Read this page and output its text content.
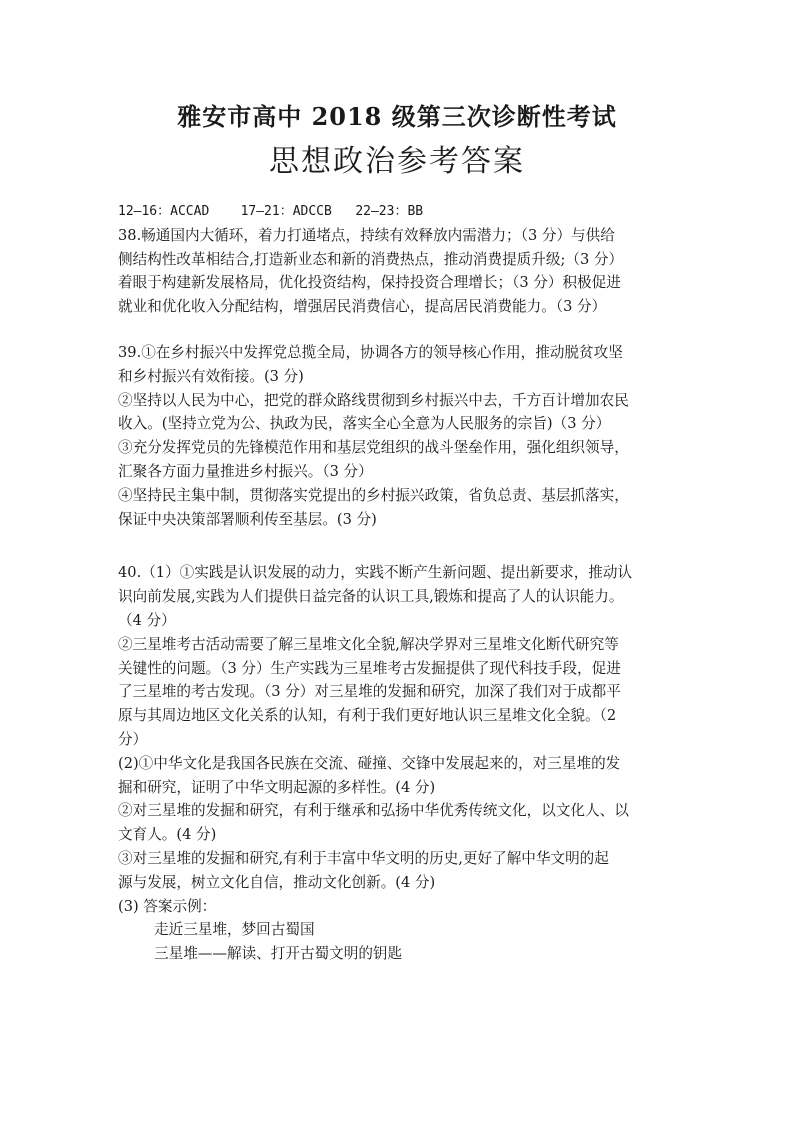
雅安市高中 2018 级第三次诊断性考试
思想政治参考答案
12—16：ACCAD    17—21：ADCCB   22—23：BB
38.畅通国内大循环，着力打通堵点，持续有效释放内需潜力；（3 分）与供给
侧结构性改革相结合,打造新业态和新的消费热点，推动消费提质升级;（3 分）
着眼于构建新发展格局，优化投资结构，保持投资合理增长；（3 分）积极促进
就业和优化收入分配结构，增强居民消费信心，提高居民消费能力。（3 分）
39.①在乡村振兴中发挥党总揽全局，协调各方的领导核心作用，推动脱贫攻坚
和乡村振兴有效衔接。(3 分)
②坚持以人民为中心，把党的群众路线贯彻到乡村振兴中去，千方百计增加农民
收入。(坚持立党为公、执政为民，落实全心全意为人民服务的宗旨)（3 分）
③充分发挥党员的先锋模范作用和基层党组织的战斗堡垒作用，强化组织领导，
汇聚各方面力量推进乡村振兴。（3 分）
④坚持民主集中制，贯彻落实党提出的乡村振兴政策，省负总责、基层抓落实，
保证中央决策部署顺利传至基层。(3 分)
40.（1）①实践是认识发展的动力，实践不断产生新问题、提出新要求，推动认
识向前发展,实践为人们提供日益完备的认识工具,锻炼和提高了人的认识能力。
（4 分）
②三星堆考古活动需要了解三星堆文化全貌,解决学界对三星堆文化断代研究等
关键性的问题。（3 分）生产实践为三星堆考古发掘提供了现代科技手段，促进
了三星堆的考古发现。（3 分）对三星堆的发掘和研究，加深了我们对于成都平
原与其周边地区文化关系的认知，有利于我们更好地认识三星堆文化全貌。（2
分）
(2)①中华文化是我国各民族在交流、碰撞、交锋中发展起来的，对三星堆的发
掘和研究，证明了中华文明起源的多样性。(4 分)
②对三星堆的发掘和研究，有利于继承和弘扬中华优秀传统文化，以文化人、以
文育人。(4 分)
③对三星堆的发掘和研究,有利于丰富中华文明的历史,更好了解中华文明的起
源与发展，树立文化自信，推动文化创新。(4 分)
(3) 答案示例：
走近三星堆，梦回古蜀国
三星堆——解读、打开古蜀文明的钥匙
